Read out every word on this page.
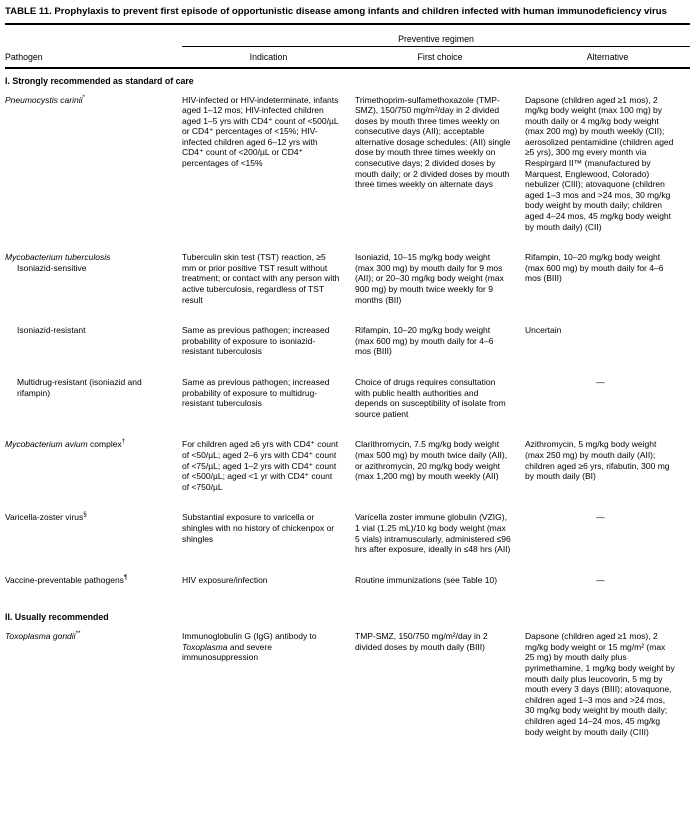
TABLE 11. Prophylaxis to prevent first episode of opportunistic disease among infants and children infected with human immunodeficiency virus
	Preventive regimen		
Pathogen	Indication	First choice	Alternative
I. Strongly recommended as standard of care			
Pneumocystis carinii*	HIV-infected or HIV-indeterminate, infants aged 1–12 mos; HIV-infected children aged 1–5 yrs with CD4⁺ count of <500/µL or CD4⁺ percentages of <15%; HIV-infected children aged 6–12 yrs with CD4⁺ count of <200/µL or CD4⁺ percentages of <15%	Trimethoprim-sulfamethoxazole (TMP-SMZ), 150/750 mg/m²/day in 2 divided doses by mouth three times weekly on consecutive days (AII); acceptable alternative dosage schedules: (AII) single dose by mouth three times weekly on consecutive days; 2 divided doses by mouth daily; or 2 divided doses by mouth three times weekly on alternate days	Dapsone (children aged ≥1 mos), 2 mg/kg body weight (max 100 mg) by mouth daily or 4 mg/kg body weight (max 200 mg) by mouth weekly (CII); aerosolized pentamidine (children aged ≥5 yrs), 300 mg every month via Respirgard II™ (manufactured by Marquest, Englewood, Colorado) nebulizer (CIII); atovaquone (children aged 1–3 mos and >24 mos, 30 mg/kg body weight by mouth daily; children aged 4–24 mos, 45 mg/kg body weight by mouth daily) (CII)
Mycobacterium tuberculosis
Isoniazid-sensitive	Tuberculin skin test (TST) reaction, ≥5 mm or prior positive TST result without treatment; or contact with any person with active tuberculosis, regardless of TST result	Isoniazid, 10–15 mg/kg body weight (max 300 mg) by mouth daily for 9 mos (AII); or 20–30 mg/kg body weight (max 900 mg) by mouth twice weekly for 9 months (BII)	Rifampin, 10–20 mg/kg body weight (max 600 mg) by mouth daily for 4–6 mos (BIII)

Isoniazid-resistant	Same as previous pathogen; increased probability of exposure to isoniazid-resistant tuberculosis	Rifampin, 10–20 mg/kg body weight (max 600 mg) by mouth daily for 4–6 mos (BIII)	Uncertain

Multidrug-resistant (isoniazid and rifampin)	Same as previous pathogen; increased probability of exposure to multidrug-resistant tuberculosis	Choice of drugs requires consultation with public health authorities and depends on susceptibility of isolate from source patient	—
Mycobacterium avium complex†	For children aged ≥6 yrs with CD4⁺ count of <50/µL; aged 2–6 yrs with CD4⁺ count of <75/µL; aged 1–2 yrs with CD4⁺ count of <500/µL; aged <1 yr with CD4⁺ count of <750/µL	Clarithromycin, 7.5 mg/kg body weight (max 500 mg) by mouth twice daily (AII), or azithromycin, 20 mg/kg body weight (max 1,200 mg) by mouth weekly (AII)	Azithromycin, 5 mg/kg body weight (max 250 mg) by mouth daily (AII); children aged ≥6 yrs, rifabutin, 300 mg by mouth daily (BI)
Varicella-zoster virus§	Substantial exposure to varicella or shingles with no history of chickenpox or shingles	Varicella zoster immune globulin (VZIG), 1 vial (1.25 mL)/10 kg body weight (max 5 vials) intramuscularly, administered ≤96 hrs after exposure, ideally in ≤48 hrs (AII)	—
Vaccine-preventable pathogens¶	HIV exposure/infection	Routine immunizations (see Table 10)	—
II. Usually recommended			
Toxoplasma gondii**	Immunoglobulin G (IgG) antibody to Toxoplasma and severe immunosuppression	TMP-SMZ, 150/750 mg/m²/day in 2 divided doses by mouth daily (BIII)	Dapsone (children aged ≥1 mos), 2 mg/kg body weight or 15 mg/m² (max 25 mg) by mouth daily plus pyrimethamine, 1 mg/kg body weight by mouth daily plus leucovorin, 5 mg by mouth every 3 days (BIII); atovaquone, children aged 1–3 mos and >24 mos, 30 mg/kg body weight by mouth daily; children aged 14–24 mos, 45 mg/kg body weight by mouth daily (CIII)
